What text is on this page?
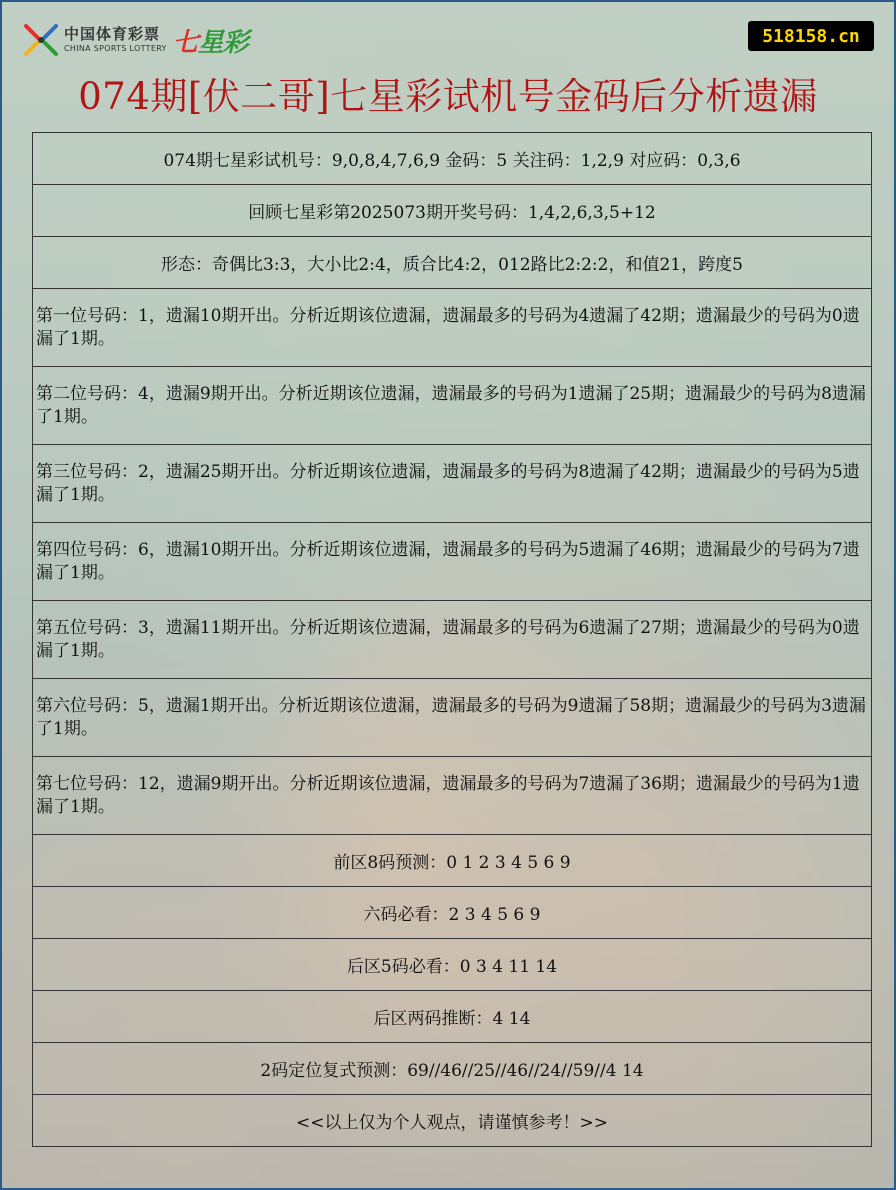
中国体育彩票
CHINA SPORTS LOTTERY 七星彩	518158.cn
074期[伏二哥]七星彩试机号金码后分析遗漏
074期七星彩试机号：9,0,8,4,7,6,9 金码：5 关注码：1,2,9 对应码：0,3,6
回顾七星彩第2025073期开奖号码：1,4,2,6,3,5+12
形态：奇偶比3:3，大小比2:4，质合比4:2，012路比2:2:2，和值21，跨度5
第一位号码：1，遗漏10期开出。分析近期该位遗漏，遗漏最多的号码为4遗漏了42期；遗漏最少的号码为0遗漏了1期。
第二位号码：4，遗漏9期开出。分析近期该位遗漏，遗漏最多的号码为1遗漏了25期；遗漏最少的号码为8遗漏了1期。
第三位号码：2，遗漏25期开出。分析近期该位遗漏，遗漏最多的号码为8遗漏了42期；遗漏最少的号码为5遗漏了1期。
第四位号码：6，遗漏10期开出。分析近期该位遗漏，遗漏最多的号码为5遗漏了46期；遗漏最少的号码为7遗漏了1期。
第五位号码：3，遗漏11期开出。分析近期该位遗漏，遗漏最多的号码为6遗漏了27期；遗漏最少的号码为0遗漏了1期。
第六位号码：5，遗漏1期开出。分析近期该位遗漏，遗漏最多的号码为9遗漏了58期；遗漏最少的号码为3遗漏了1期。
第七位号码：12，遗漏9期开出。分析近期该位遗漏，遗漏最多的号码为7遗漏了36期；遗漏最少的号码为1遗漏了1期。
前区8码预测：0 1 2 3 4 5 6 9
六码必看：2 3 4 5 6 9
后区5码必看：0 3 4 11 14
后区两码推断：4 14
2码定位复式预测：69//46//25//46//24//59//4 14
<<以上仅为个人观点，请谨慎参考！>>
